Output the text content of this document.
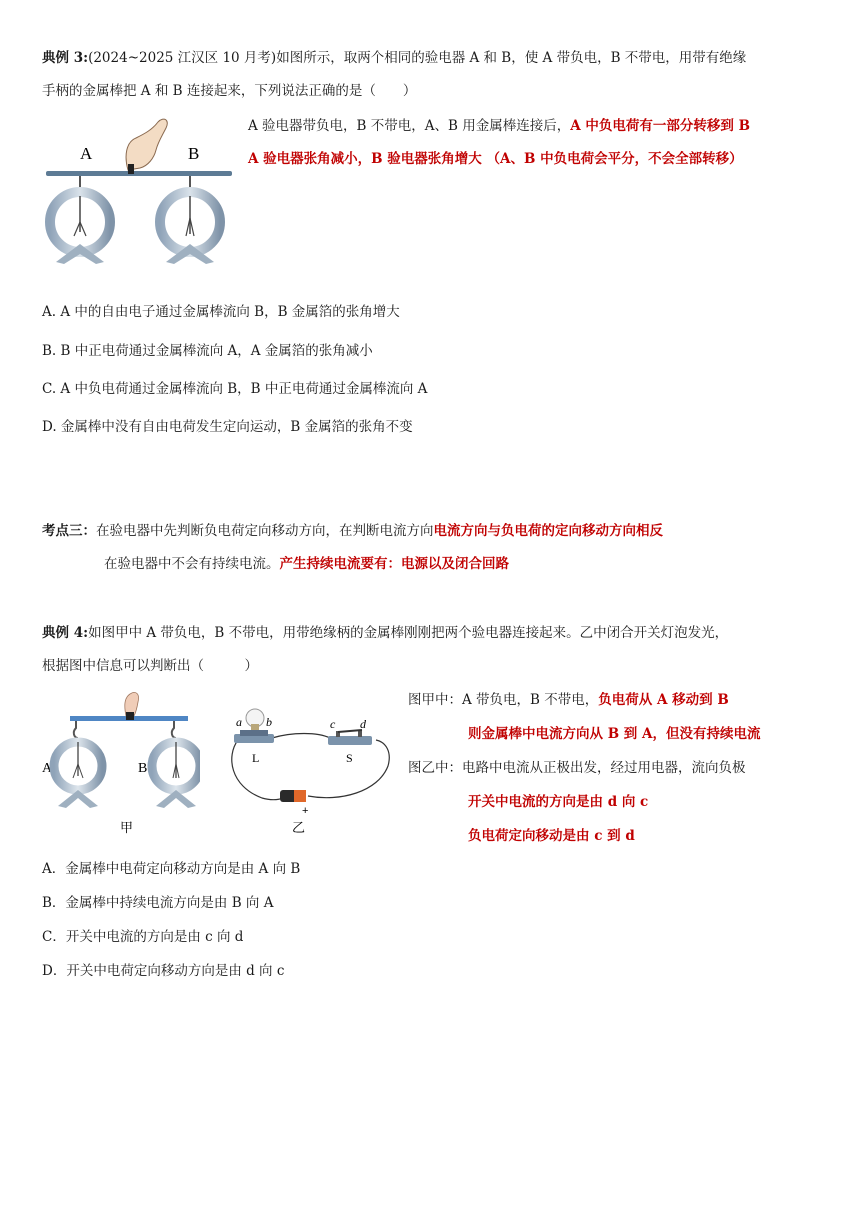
典例 3:(2024~2025 江汉区 10 月考)如图所示，取两个相同的验电器 A 和 B，使 A 带负电，B 不带电，用带有绝缘
手柄的金属棒把 A 和 B 连接起来，下列说法正确的是（　　）
A	B
A 验电器带负电，B 不带电，A、B 用金属棒连接后，A 中负电荷有一部分转移到 B
A 验电器张角减小，B 验电器张角增大 （A、B 中负电荷会平分，不会全部转移）
A. A 中的自由电子通过金属棒流向 B，B 金属箔的张角增大
B. B 中正电荷通过金属棒流向 A，A 金属箔的张角减小
C. A 中负电荷通过金属棒流向 B，B 中正电荷通过金属棒流向 A
D. 金属棒中没有自由电荷发生定向运动，B 金属箔的张角不变
考点三：在验电器中先判断负电荷定向移动方向，在判断电流方向电流方向与负电荷的定向移动方向相反
在验电器中不会有持续电流。产生持续电流要有：电源以及闭合回路
典例 4:如图甲中 A 带负电，B 不带电，用带绝缘柄的金属棒刚刚把两个验电器连接起来。乙中闭合开关灯泡发光，
根据图中信息可以判断出（　　　）
A	B
甲
a b
L
c d
S
+
乙
图甲中：A 带负电，B 不带电，负电荷从 A 移动到 B
则金属棒中电流方向从 B 到 A，但没有持续电流
图乙中：电路中电流从正极出发，经过用电器，流向负极
开关中电流的方向是由 d 向 c
负电荷定向移动是由 c 到 d
A．金属棒中电荷定向移动方向是由 A 向 B
B．金属棒中持续电流方向是由 B 向 A
C．开关中电流的方向是由 c 向 d
D．开关中电荷定向移动方向是由 d 向 c
